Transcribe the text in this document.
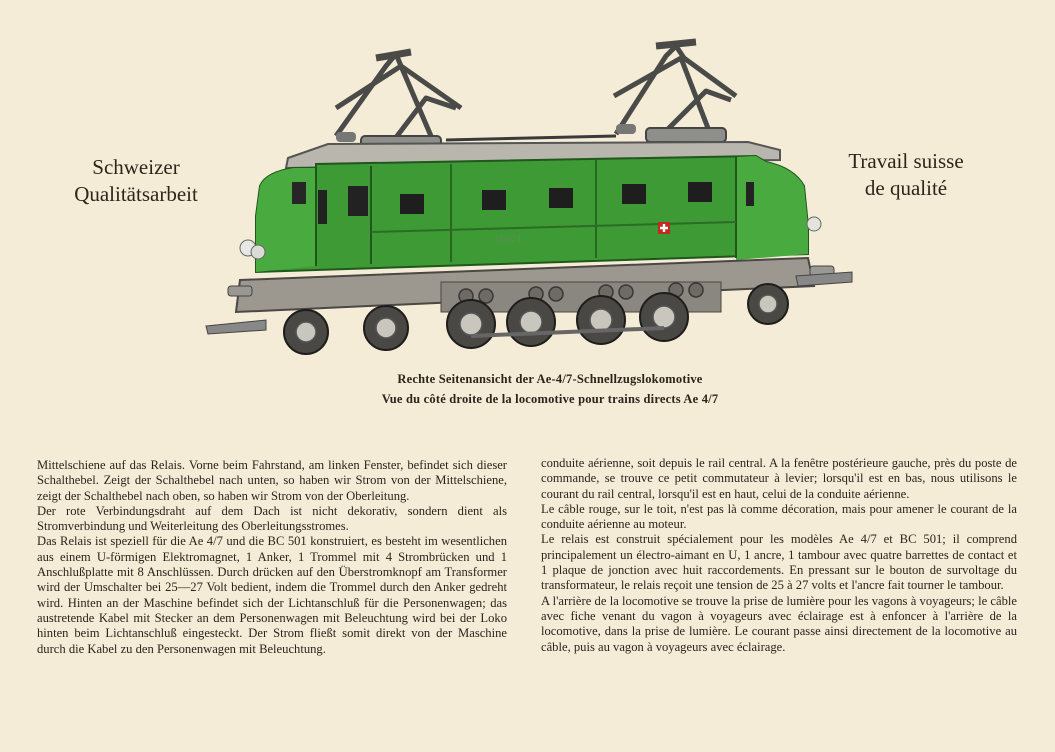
Schweizer
Qualitätsarbeit
Travail suisse
de qualité
10801
Rechte Seitenansicht der Ae-4/7-Schnellzugslokomotive
Vue du côté droite de la locomotive pour trains directs Ae 4/7

Mittelschiene auf das Relais. Vorne beim Fahrstand, am linken Fenster, befindet sich dieser Schalthebel. Zeigt der Schalthebel nach unten, so haben wir Strom von der Mittelschiene, zeigt der Schalthebel nach oben, so haben wir Strom von der Oberleitung.

Der rote Verbindungsdraht auf dem Dach ist nicht dekorativ, sondern dient als Stromverbindung und Weiterleitung des Oberleitungsstromes.

Das Relais ist speziell für die Ae 4/7 und die BC 501 konstruiert, es besteht im wesentlichen aus einem U-förmigen Elektromagnet, 1 Anker, 1 Trommel mit 4 Strombrücken und 1 Anschlußplatte mit 8 Anschlüssen. Durch drücken auf den Überstromknopf am Transformer wird der Umschalter bei 25—27 Volt bedient, indem die Trommel durch den Anker gedreht wird. Hinten an der Maschine befindet sich der Lichtanschluß für die Personenwagen; das austretende Kabel mit Stecker an dem Personenwagen mit Beleuchtung wird bei der Loko hinten beim Lichtanschluß eingesteckt. Der Strom fließt somit direkt von der Maschine durch die Kabel zu den Personenwagen mit Beleuchtung.

conduite aérienne, soit depuis le rail central. A la fenêtre postérieure gauche, près du poste de commande, se trouve ce petit commutateur à levier; lorsqu'il est en bas, nous utilisons le courant du rail central, lorsqu'il est en haut, celui de la conduite aérienne.

Le câble rouge, sur le toit, n'est pas là comme décoration, mais pour amener le courant de la conduite aérienne au moteur.

Le relais est construit spécialement pour les modèles Ae 4/7 et BC 501; il comprend principalement un électro-aimant en U, 1 ancre, 1 tambour avec quatre barrettes de contact et 1 plaque de jonction avec huit raccordements. En pressant sur le bouton de survoltage du transformateur, le relais reçoit une tension de 25 à 27 volts et l'ancre fait tourner le tambour.

A l'arrière de la locomotive se trouve la prise de lumière pour les vagons à voyageurs; le câble avec fiche venant du vagon à voyageurs avec éclairage est à enfoncer à l'arrière de la locomotive, dans la prise de lumière. Le courant passe ainsi directement de la locomotive au câble, puis au vagon à voyageurs avec éclairage.
